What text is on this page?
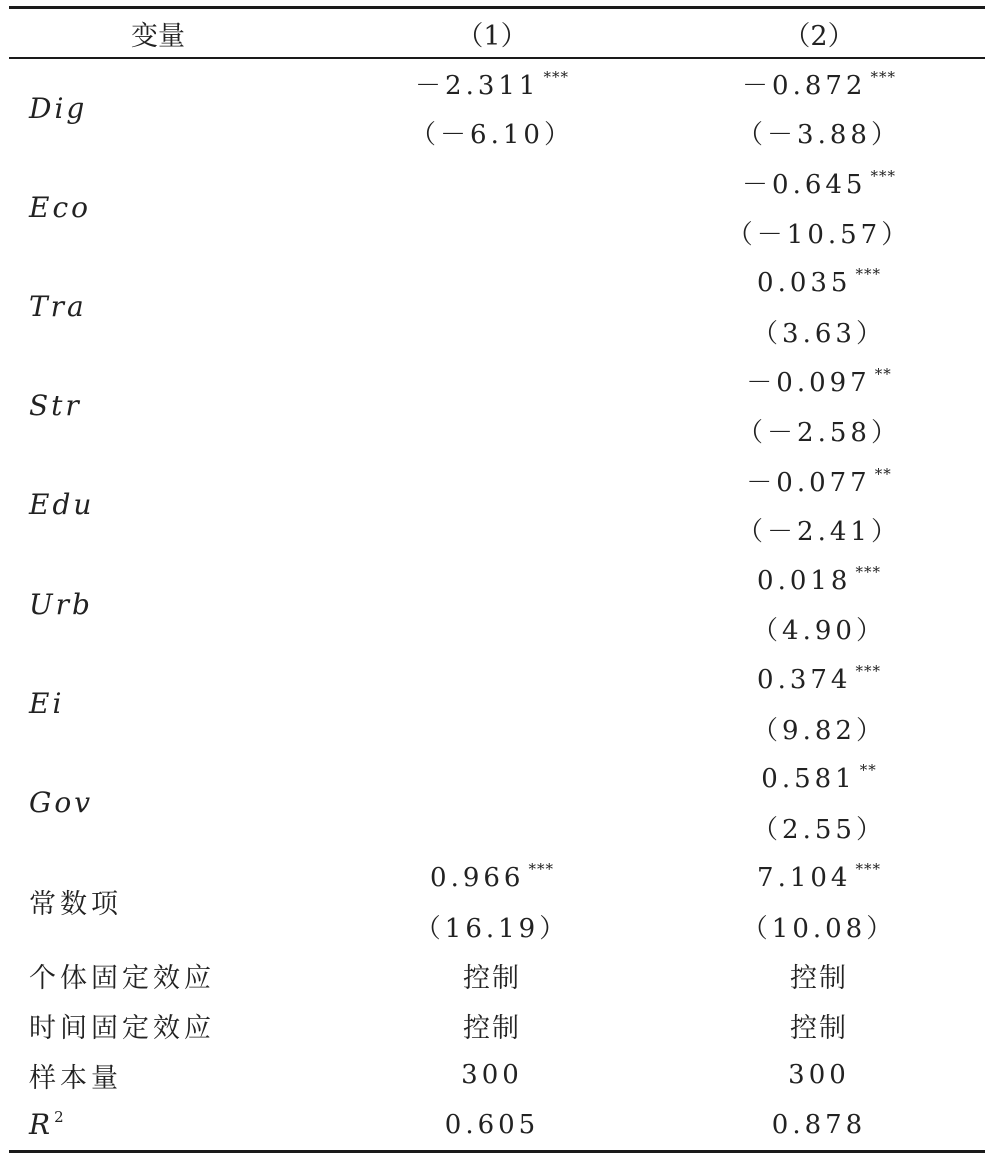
变量	（1）	（2）
Dig	－2.311 ***	－0.872 ***
	（－6.10）	（－3.88）
Eco		－0.645 ***
		（－10.57）
Tra		0.035 ***
		（3.63）
Str		－0.097 **
		（－2.58）
Edu		－0.077 **
		（－2.41）
Urb		0.018 ***
		（4.90）
Ei		0.374 ***
		（9.82）
Gov		0.581 **
		（2.55）
常数项	0.966 ***	7.104 ***
	（16.19）	（10.08）
个体固定效应	控制	控制
时间固定效应	控制	控制
样本量	300	300
R $^2$	0.605	0.878
